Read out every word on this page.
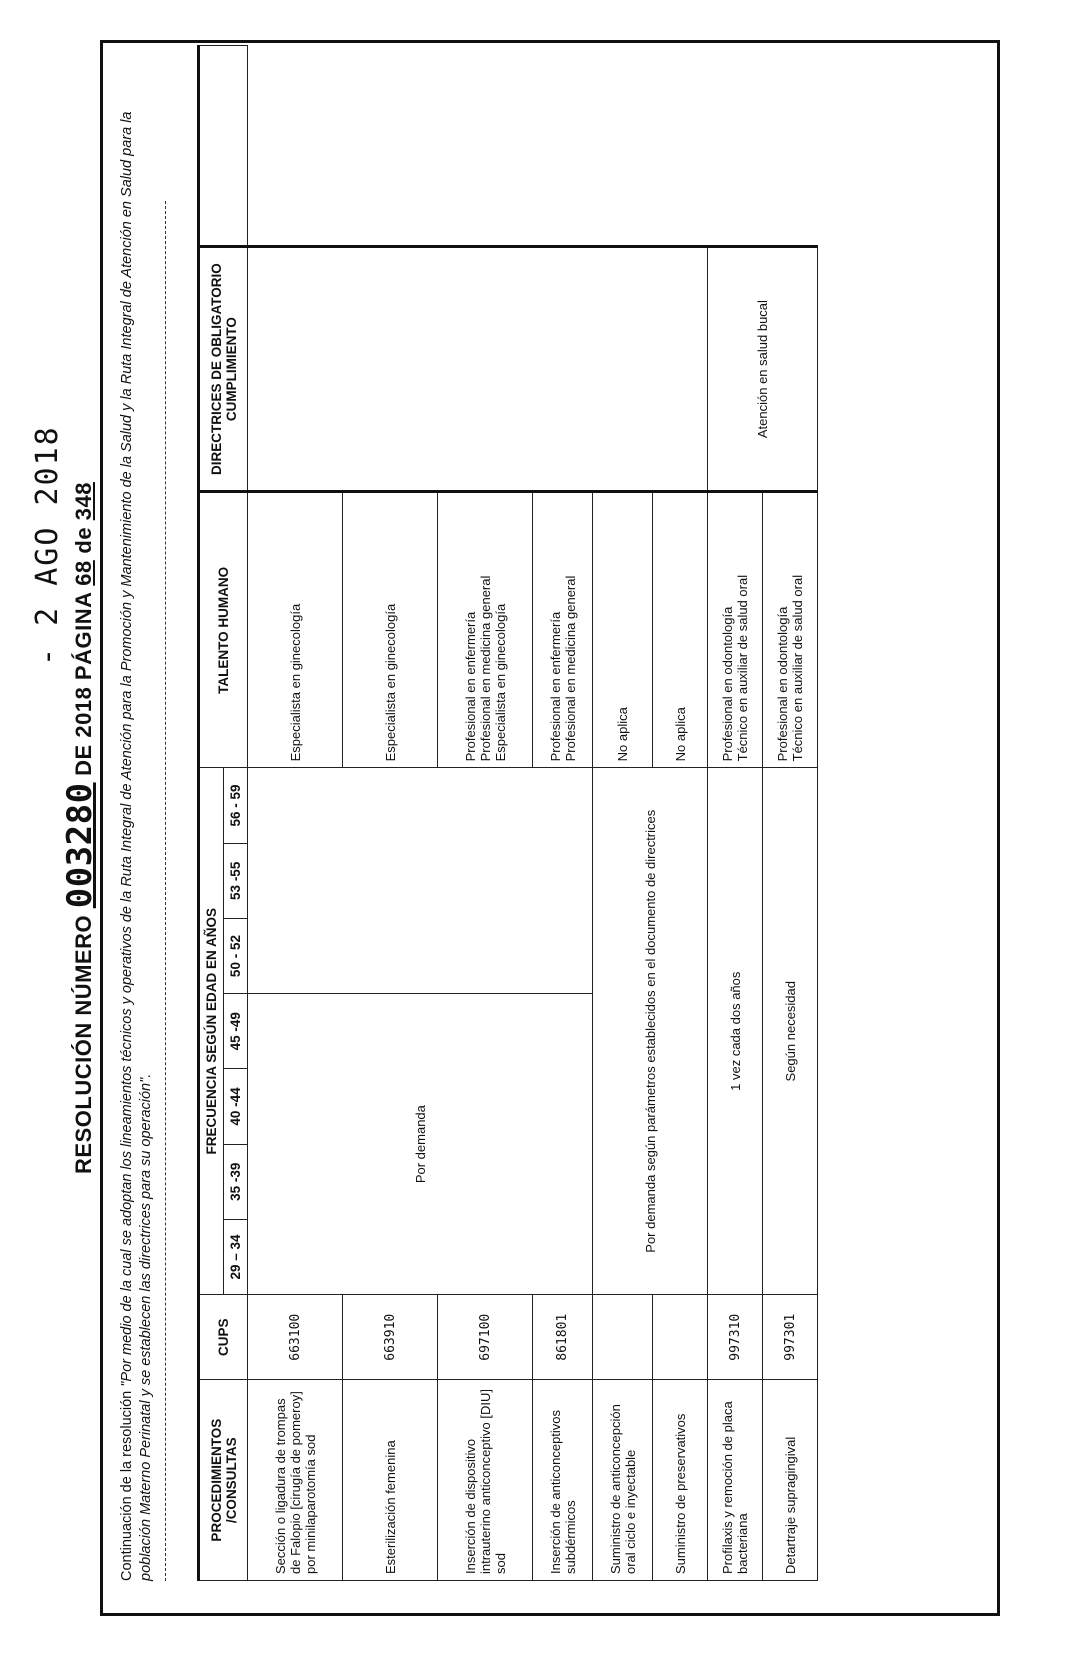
RESOLUCIÓN NÚMERO 003280 DE 2018 PÁGINA 68 de 348
- 2 AGO 2018
Continuación de la resolución "Por medio de la cual se adoptan los lineamientos técnicos y operativos de la Ruta Integral de Atención para la Promoción y Mantenimiento de la Salud y la Ruta Integral de Atención en Salud para la población Materno Perinatal y se establecen las directrices para su operación".	PROCEDIMIENTOS /CONSULTAS	CUPS	FRECUENCIA SEGÚN EDAD EN AÑOS							TALENTO HUMANO	DIRECTRICES DE OBLIGATORIO CUMPLIMIENTO	
		29 – 34	35 -39	40 -44	45 -49	50 - 52	53 -55	56 - 59			
Sección o ligadura de trompas de Falopio [cirugía de pomeroy] por minilaparotomía sod	663100	Por demanda							Especialista en ginecología		

Esterilización femenina	663910								Especialista en ginecología		

Inserción de dispositivo intrauterino anticonceptivo [DIU] sod	697100								Profesional en enfermería Profesional en medicina general Especialista en ginecología		

Inserción de anticonceptivos subdérmicos	861801								Profesional en enfermería Profesional en medicina general		

Suministro de anticoncepción oral ciclo e inyectable		Por demanda según parámetros establecidos en el documento de directrices							No aplica		

Suministro de preservativos									No aplica		

Profilaxis y remoción de placa bacteriana	997310	1 vez cada dos años							Profesional en odontología Técnico en auxiliar de salud oral	Atención en salud bucal	
Detartraje supragingival	997301	Según necesidad							Profesional en odontología Técnico en auxiliar de salud oral		
